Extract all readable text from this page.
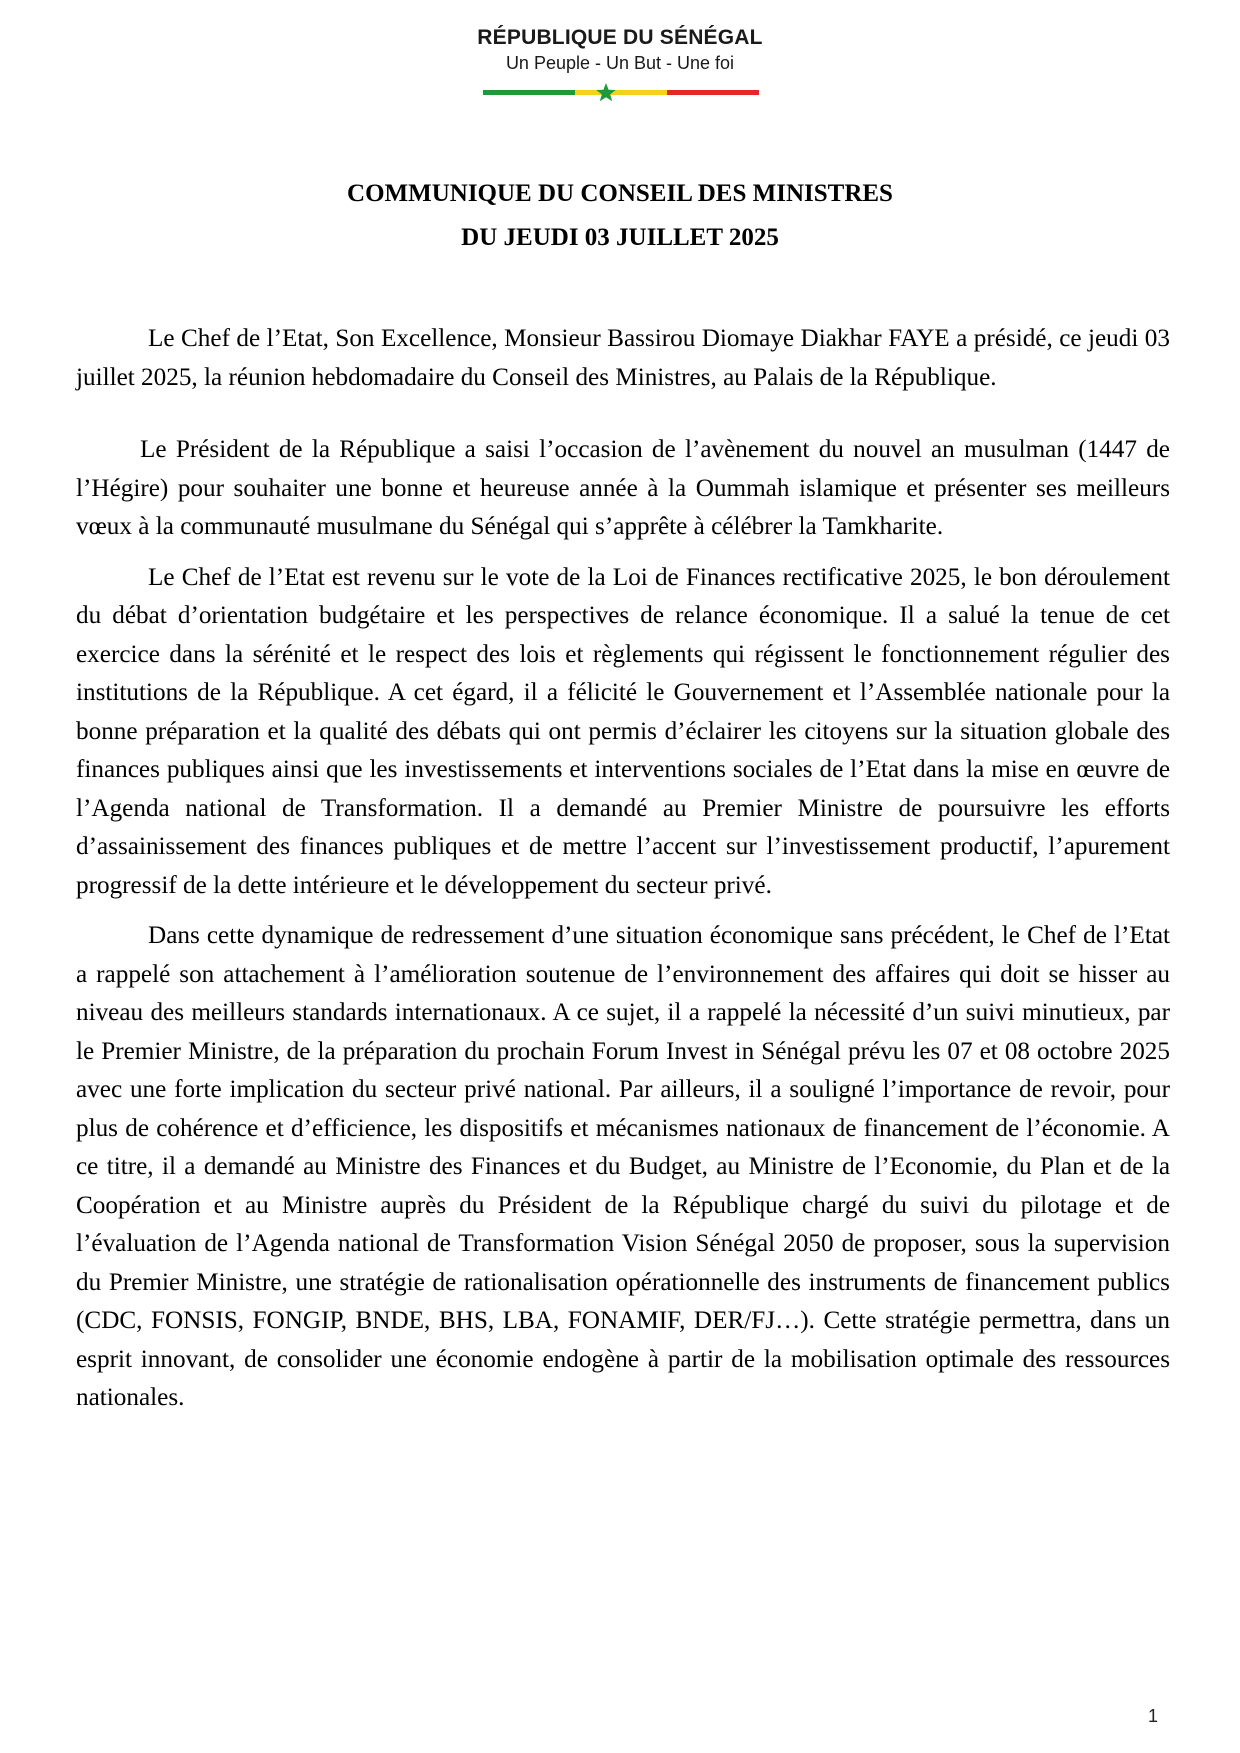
RÉPUBLIQUE DU SÉNÉGAL
Un Peuple - Un But - Une foi
COMMUNIQUE DU CONSEIL DES MINISTRES
DU JEUDI 03 JUILLET 2025

Le Chef de l’Etat, Son Excellence, Monsieur Bassirou Diomaye Diakhar FAYE a présidé, ce jeudi 03 juillet 2025, la réunion hebdomadaire du Conseil des Ministres, au Palais de la République.

Le Président de la République a saisi l’occasion de l’avènement du nouvel an musulman (1447 de l’Hégire) pour souhaiter une bonne et heureuse année à la Oummah islamique et présenter ses meilleurs vœux à la communauté musulmane du Sénégal qui s’apprête à célébrer la Tamkharite.

Le Chef de l’Etat est revenu sur le vote de la Loi de Finances rectificative 2025, le bon déroulement du débat d’orientation budgétaire et les perspectives de relance économique. Il a salué la tenue de cet exercice dans la sérénité et le respect des lois et règlements qui régissent le fonctionnement régulier des institutions de la République. A cet égard, il a félicité le Gouvernement et l’Assemblée nationale pour la bonne préparation et la qualité des débats qui ont permis d’éclairer les citoyens sur la situation globale des finances publiques ainsi que les investissements et interventions sociales de l’Etat dans la mise en œuvre de l’Agenda national de Transformation. Il a demandé au Premier Ministre de poursuivre les efforts d’assainissement des finances publiques et de mettre l’accent sur l’investissement productif, l’apurement progressif de la dette intérieure et le développement du secteur privé.

Dans cette dynamique de redressement d’une situation économique sans précédent, le Chef de l’Etat a rappelé son attachement à l’amélioration soutenue de l’environnement des affaires qui doit se hisser au niveau des meilleurs standards internationaux. A ce sujet, il a rappelé la nécessité d’un suivi minutieux, par le Premier Ministre, de la préparation du prochain Forum Invest in Sénégal prévu les 07 et 08 octobre 2025 avec une forte implication du secteur privé national. Par ailleurs, il a souligné l’importance de revoir, pour plus de cohérence et d’efficience, les dispositifs et mécanismes nationaux de financement de l’économie. A ce titre, il a demandé au Ministre des Finances et du Budget, au Ministre de l’Economie, du Plan et de la Coopération et au Ministre auprès du Président de la République chargé du suivi du pilotage et de l’évaluation de l’Agenda national de Transformation Vision Sénégal 2050 de proposer, sous la supervision du Premier Ministre, une stratégie de rationalisation opérationnelle des instruments de financement publics (CDC, FONSIS, FONGIP, BNDE, BHS, LBA, FONAMIF, DER/FJ…). Cette stratégie permettra, dans un esprit innovant, de consolider une économie endogène à partir de la mobilisation optimale des ressources nationales.

1
